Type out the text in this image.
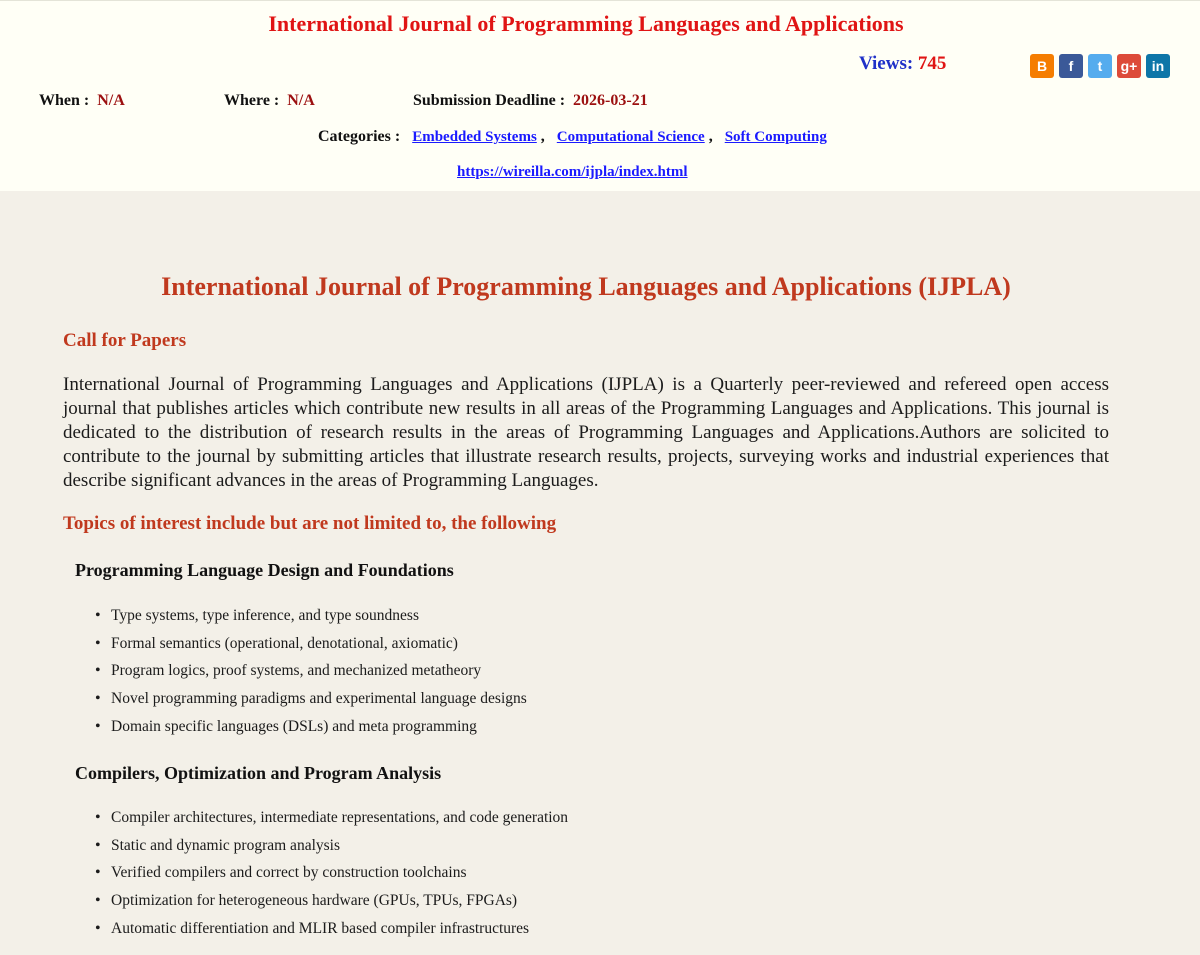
International Journal of Programming Languages and Applications
Views: 745	B	f	t	g+	in
When : N/A	Where : N/A	Submission Deadline : 2026-03-21
Categories : Embedded Systems , Computational Science , Soft Computing
https://wireilla.com/ijpla/index.html
International Journal of Programming Languages and Applications (IJPLA)
Call for Papers
International Journal of Programming Languages and Applications (IJPLA) is a Quarterly peer-reviewed and refereed open access journal that publishes articles which contribute new results in all areas of the Programming Languages and Applications. This journal is dedicated to the distribution of research results in the areas of Programming Languages and Applications.Authors are solicited to contribute to the journal by submitting articles that illustrate research results, projects, surveying works and industrial experiences that describe significant advances in the areas of Programming Languages.
Topics of interest include but are not limited to, the following
Programming Language Design and Foundations
• Type systems, type inference, and type soundness
• Formal semantics (operational, denotational, axiomatic)
• Program logics, proof systems, and mechanized metatheory
• Novel programming paradigms and experimental language designs
• Domain specific languages (DSLs) and meta programming
Compilers, Optimization and Program Analysis
• Compiler architectures, intermediate representations, and code generation
• Static and dynamic program analysis
• Verified compilers and correct by construction toolchains
• Optimization for heterogeneous hardware (GPUs, TPUs, FPGAs)
• Automatic differentiation and MLIR based compiler infrastructures
